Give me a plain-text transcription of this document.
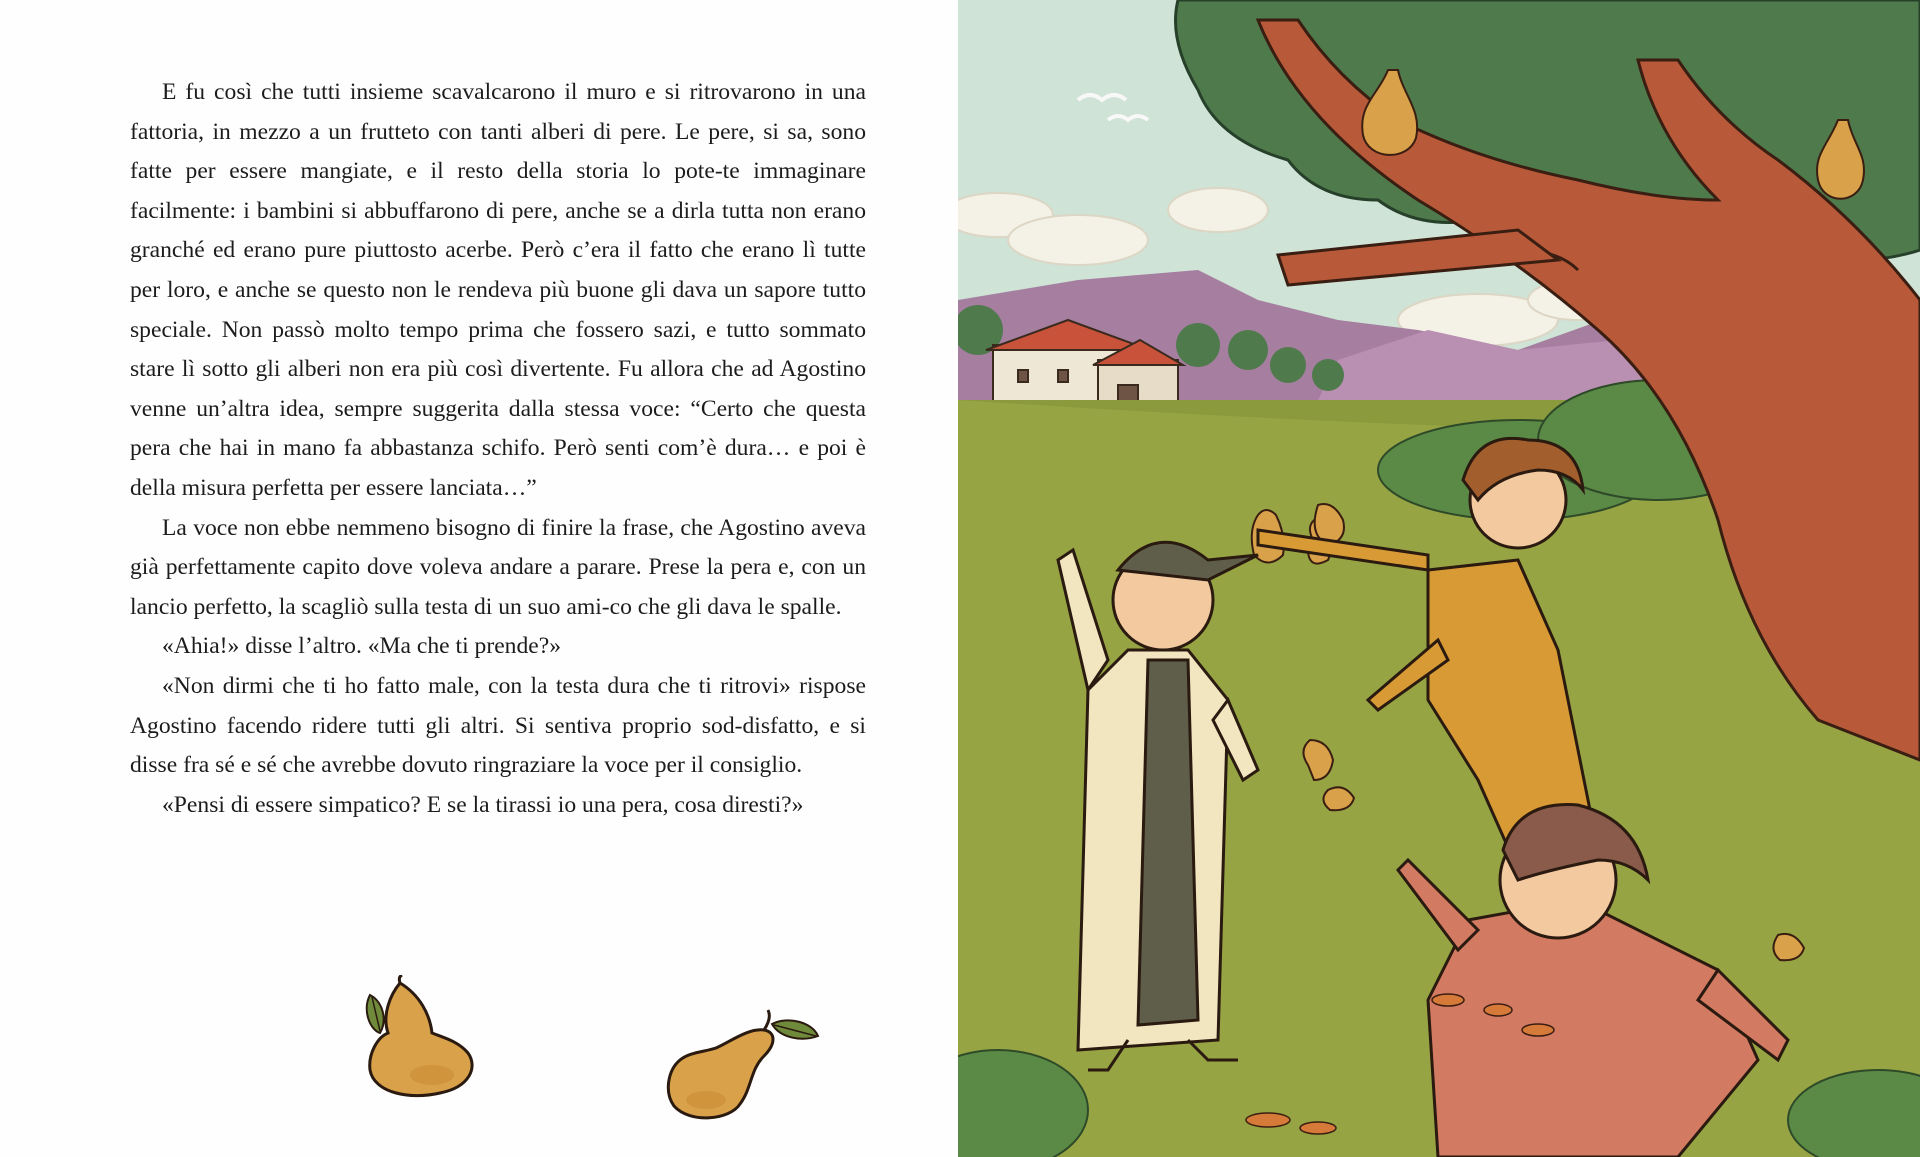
E fu così che tutti insieme scavalcarono il muro e si ritrovarono in una fattoria, in mezzo a un frutteto con tanti alberi di pere. Le pere, si sa, sono fatte per essere mangiate, e il resto della storia lo pote-te immaginare facilmente: i bambini si abbuffarono di pere, anche se a dirla tutta non erano granché ed erano pure piuttosto acerbe. Però c’era il fatto che erano lì tutte per loro, e anche se questo non le rendeva più buone gli dava un sapore tutto speciale. Non passò molto tempo prima che fossero sazi, e tutto sommato stare lì sotto gli alberi non era più così divertente. Fu allora che ad Agostino venne un’altra idea, sempre suggerita dalla stessa voce: “Certo che questa pera che hai in mano fa abbastanza schifo. Però senti com’è dura… e poi è della misura perfetta per essere lanciata…”

La voce non ebbe nemmeno bisogno di finire la frase, che Agostino aveva già perfettamente capito dove voleva andare a parare. Prese la pera e, con un lancio perfetto, la scagliò sulla testa di un suo ami-co che gli dava le spalle.

«Ahia!» disse l’altro. «Ma che ti prende?»

«Non dirmi che ti ho fatto male, con la testa dura che ti ritrovi» rispose Agostino facendo ridere tutti gli altri. Si sentiva proprio sod-disfatto, e si disse fra sé e sé che avrebbe dovuto ringraziare la voce per il consiglio.

«Pensi di essere simpatico? E se la tirassi io una pera, cosa diresti?»
